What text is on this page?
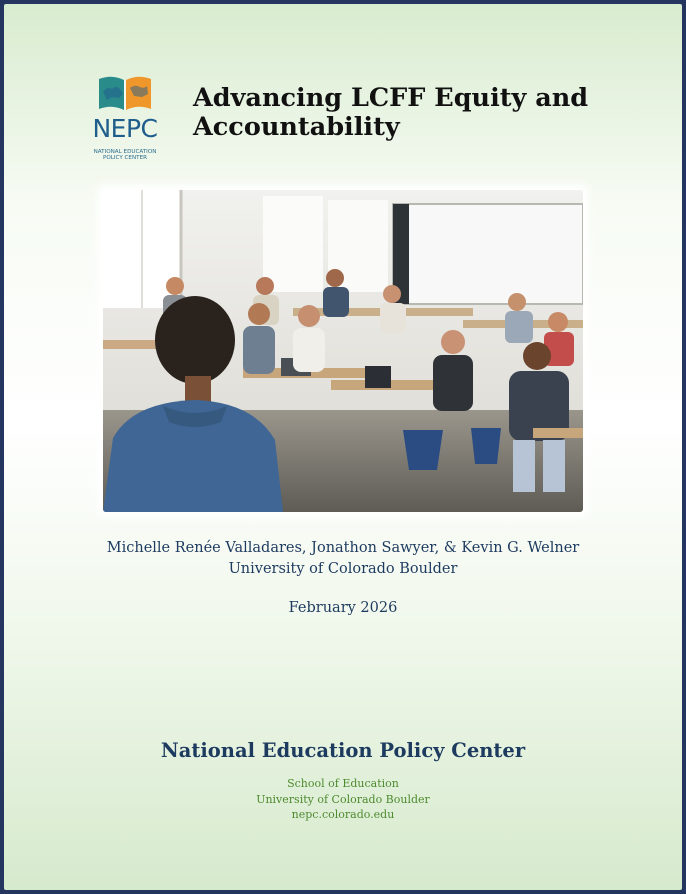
NEPC
NATIONAL EDUCATION
POLICY CENTER
Advancing LCFF Equity and
Accountability
Michelle Renée Valladares, Jonathon Sawyer, & Kevin G. Welner
University of Colorado Boulder
February 2026
National Education Policy Center
School of Education
University of Colorado Boulder
nepc.colorado.edu
